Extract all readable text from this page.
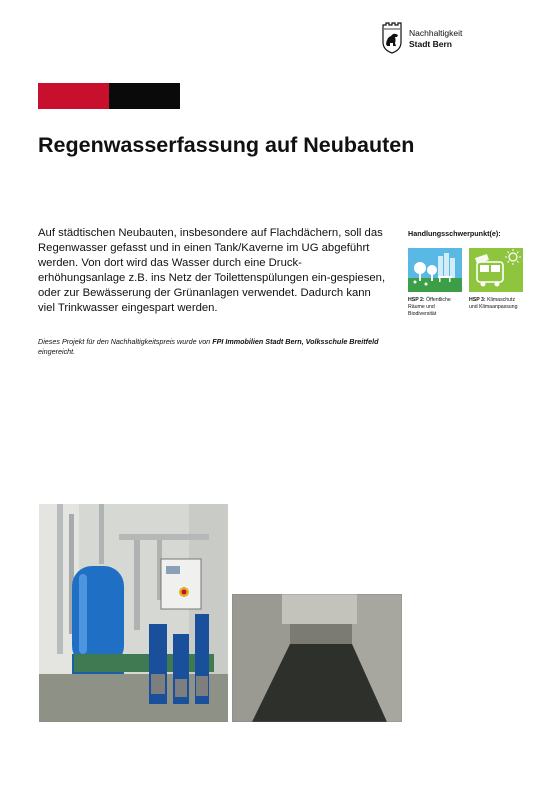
Nachhaltigkeit
Stadt Bern
Regenwasserfassung auf Neubauten
Auf städtischen Neubauten, insbesondere auf Flachdächern, soll das Regenwasser gefasst und in einen Tank/Kaverne im UG abgeführt werden. Von dort wird das Wasser durch eine Druck-erhöhungsanlage z.B. ins Netz der Toilettenspülungen ein-gespiesen, oder zur Bewässerung der Grünanlagen verwendet. Dadurch kann viel Trinkwasser eingespart werden.
Dieses Projekt für den Nachhaltigkeitspreis wurde von FPI Immobilien Stadt Bern, Volksschule Breitfeld eingereicht.
Handlungsschwerpunkt(e):
HSP 2: Öffentliche Räume und Biodiversität
HSP 3: Klimaschutz und Klimaanpassung
